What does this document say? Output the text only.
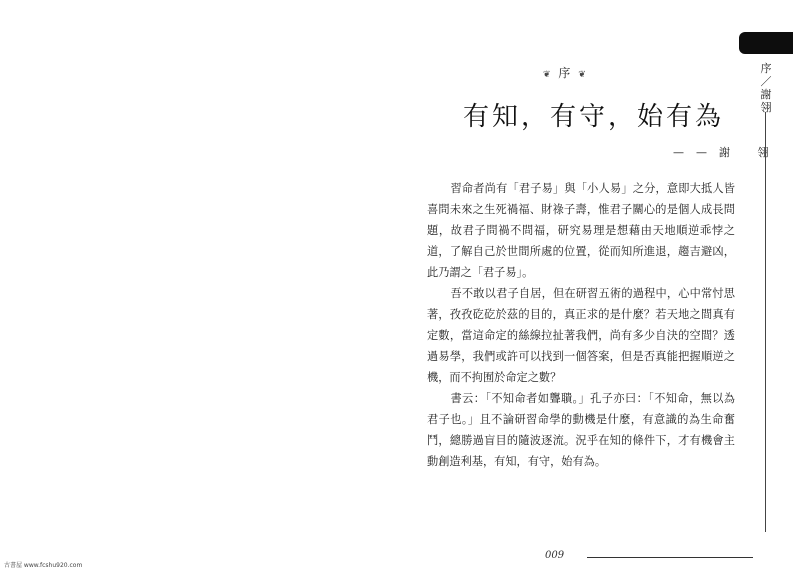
古書屋 www.fcshu920.com
❦ 序 ❦
有知，有守，始有為
——謝 翎

習命者尚有「君子易」與「小人易」之分，意即大抵人皆喜問未來之生死禍福、財祿子壽，惟君子關心的是個人成長問題，故君子問禍不問福，研究易理是想藉由天地順逆乖悖之道，了解自己於世間所處的位置，從而知所進退，趨吉避凶，此乃謂之「君子易」。

吾不敢以君子自居，但在研習五術的過程中，心中常忖思著，孜孜矻矻於茲的目的，真正求的是什麼？若天地之間真有定數，當這命定的絲線拉扯著我們，尚有多少自決的空間？透過易學，我們或許可以找到一個答案，但是否真能把握順逆之機，而不拘囿於命定之數？

書云：「不知命者如聾聵。」孔子亦曰：「不知命，無以為君子也。」且不論研習命學的動機是什麼，有意識的為生命奮鬥，總勝過盲目的隨波逐流。況乎在知的條件下，才有機會主動創造利基，有知，有守，始有為。

009
序／謝翎
